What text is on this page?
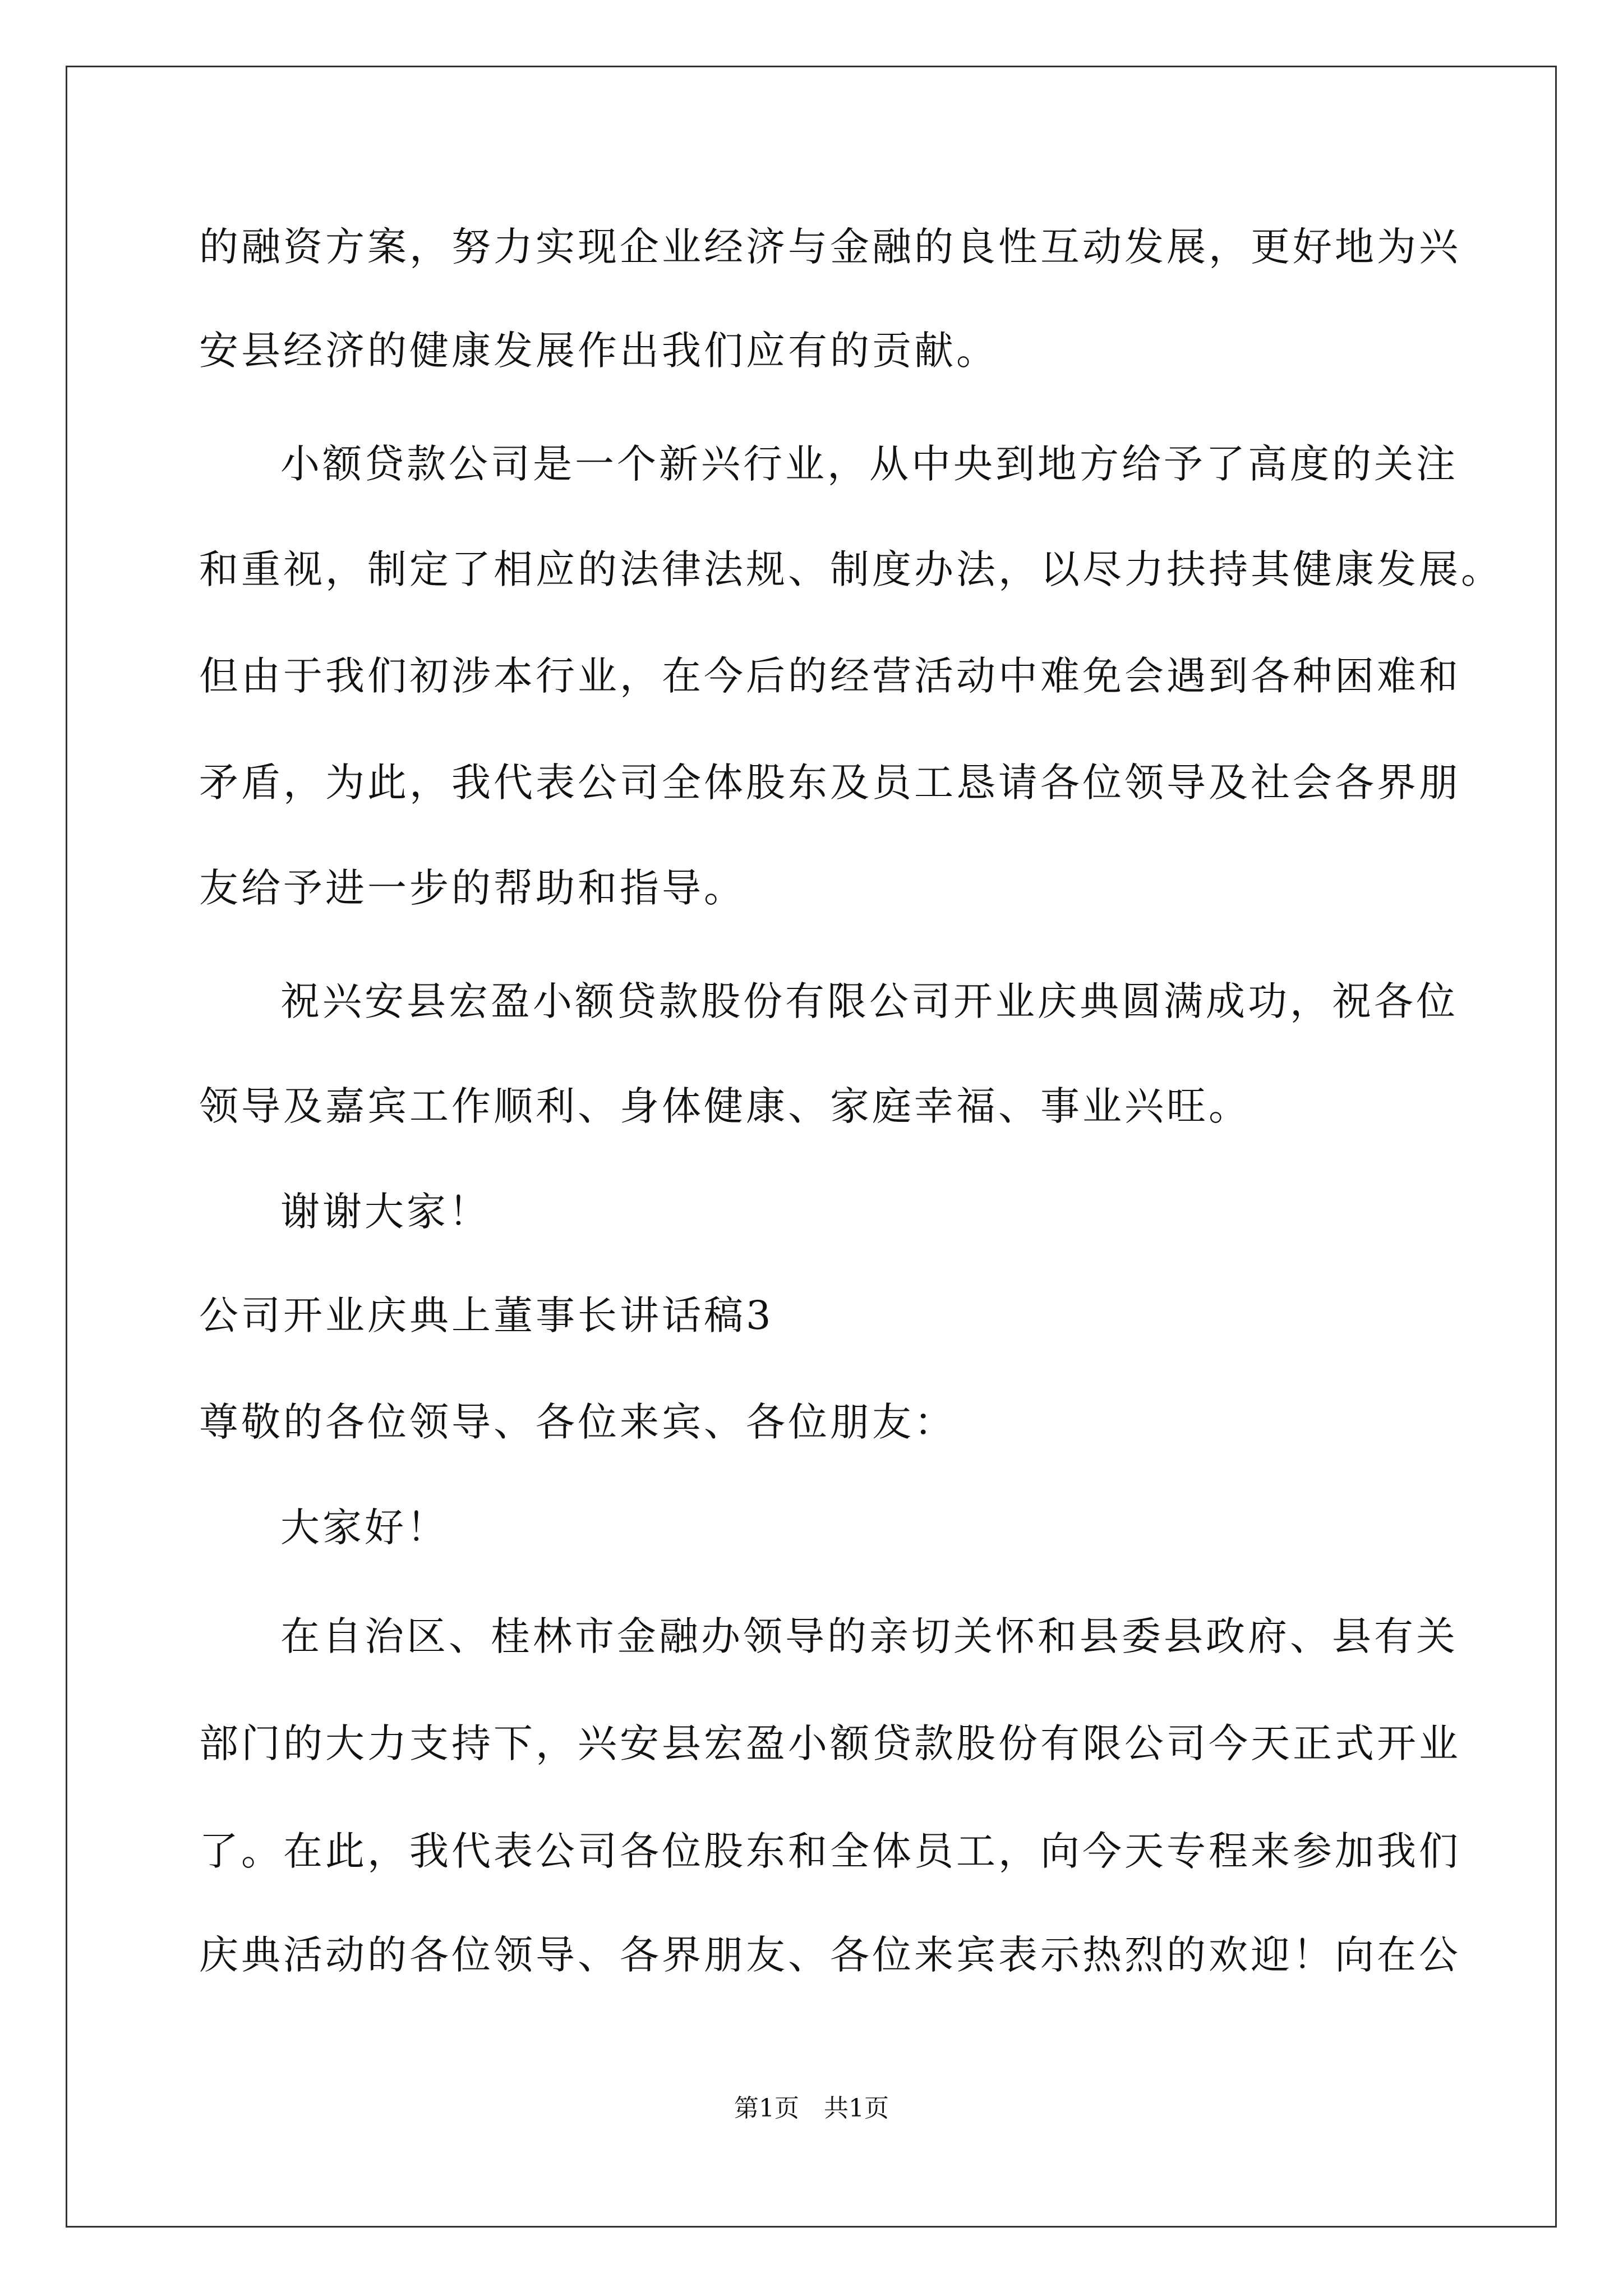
的融资方案，努力实现企业经济与金融的良性互动发展，更好地为兴
安县经济的健康发展作出我们应有的贡献。
小额贷款公司是一个新兴行业，从中央到地方给予了高度的关注
和重视，制定了相应的法律法规、制度办法，以尽力扶持其健康发展。
但由于我们初涉本行业，在今后的经营活动中难免会遇到各种困难和
矛盾，为此，我代表公司全体股东及员工恳请各位领导及社会各界朋
友给予进一步的帮助和指导。
祝兴安县宏盈小额贷款股份有限公司开业庆典圆满成功，祝各位
领导及嘉宾工作顺利、身体健康、家庭幸福、事业兴旺。
谢谢大家！
公司开业庆典上董事长讲话稿3
尊敬的各位领导、各位来宾、各位朋友：
大家好！
在自治区、桂林市金融办领导的亲切关怀和县委县政府、县有关
部门的大力支持下，兴安县宏盈小额贷款股份有限公司今天正式开业
了。在此，我代表公司各位股东和全体员工，向今天专程来参加我们
庆典活动的各位领导、各界朋友、各位来宾表示热烈的欢迎！向在公
第1页　共1页
